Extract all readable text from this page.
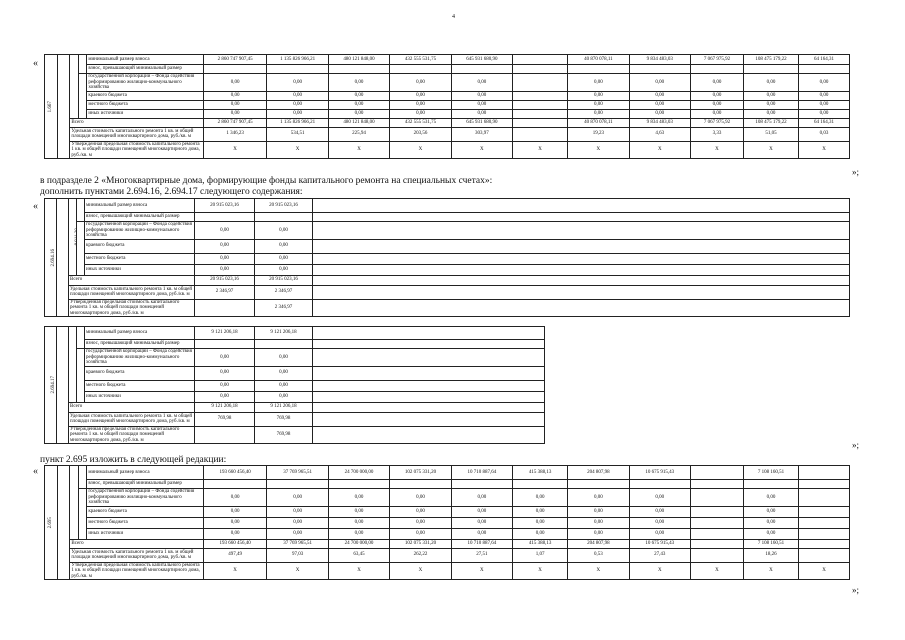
4
«
1.667				минимальный размер взноса	2 860 747 907,45	1 135 826 966,21	480 121 848,00	432 555 531,75	645 931 680,90		40 870 078,11	9 834 483,03	7 067 975,92	108 475 179,22	64 164,31
				взнос, превышающий минимальный размер											
	государственной корпорации – Фонда содействия реформированию жилищно-коммунального хозяйства	0,00	0,00	0,00	0,00	0,00		0,00	0,00	0,00	0,00	0,00
				краевого бюджета	0,00	0,00	0,00	0,00	0,00		0,00	0,00	0,00	0,00	0,00
				местного бюджета	0,00	0,00	0,00	0,00	0,00		0,00	0,00	0,00	0,00	0,00
				иных источники	0,00	0,00	0,00	0,00	0,00		0,00	0,00	0,00	0,00	0,00
		Всего			2 860 747 907,45	1 135 826 966,21	480 121 848,00	432 555 531,75	645 931 680,90		40 870 078,11	9 834 483,03	7 067 975,92	108 475 179,22	64 164,31
		Удельная стоимость капитального ремонта 1 кв. м общей площади помещений многоквартирного дома, руб./кв. м			1 346,23	534,51	225,94	203,56	303,97		19,23	4,63	3,33	51,05	0,03
		Утвержденная предельная стоимость капитального ремонта 1 кв. м общей площади помещений многоквартирного дома, руб./кв. м			X	X	X	X	X	X	X	X	X	X	X
»;
в подразделе 2 «Многоквартирные дома, формирующие фонды капитального ремонта на специальных счетах»:
дополнить пунктами 2.694.16, 2.694.17 следующего содержания:
«
2.694.16				минимальный размер взноса	20 915 023,16	20 915 023,16	
				взнос, превышающий минимальный размер			
	государственной корпорации – Фонда содействия реформированию жилищно-коммунального хозяйства	0,00	0,00	
				краевого бюджета	0,00	0,00	
				местного бюджета	0,00	0,00	
				иных источники	0,00	0,00	
		Всего			20 915 023,16	20 915 023,16	
		Удельная стоимость капитального ремонта 1 кв. м общей площади помещений многоквартирного дома, руб./кв. м			2 346,97	2 346,97	
		Утвержденная предельная стоимость капитального ремонта 1 кв. м общей площади помещений многоквартирного дома, руб./кв. м				2 346,97	
2.694.17				минимальный размер взноса	9 121 206,18	9 121 206,18	
				взнос, превышающий минимальный размер			
	государственной корпорации – Фонда содействия реформированию жилищно-коммунального хозяйства	0,00	0,00	
				краевого бюджета	0,00	0,00	
				местного бюджета	0,00	0,00	
				иных источники	0,00	0,00	
		Всего			9 121 206,18	9 121 206,18	
		Удельная стоимость капитального ремонта 1 кв. м общей площади помещений многоквартирного дома, руб./кв. м			769,98	769,98	
		Утвержденная предельная стоимость капитального ремонта 1 кв. м общей площади помещений многоквартирного дома, руб./кв. м				769,98	
»;
пункт 2.695 изложить в следующей редакции:
«
2.695				минимальный размер взноса	193 660 456,40	37 769 965,51	24 700 000,00	102 075 331,20	10 710 887,64	415 388,13	204 807,98	10 675 915,43		7 108 160,51	
				взнос, превышающий минимальный размер											
	государственной корпорации – Фонда содействия реформированию жилищно-коммунального хозяйства	0,00	0,00	0,00	0,00	0,00	0,00	0,00	0,00		0,00	
				краевого бюджета	0,00	0,00	0,00	0,00	0,00	0,00	0,00	0,00		0,00	
				местного бюджета	0,00	0,00	0,00	0,00	0,00	0,00	0,00	0,00		0,00	
				иных источники	0,00	0,00	0,00	0,00	0,00	0,00	0,00	0,00		0,00	
		Всего			193 660 456,40	37 769 965,51	24 700 000,00	102 075 331,20	10 710 887,64	415 388,13	204 807,98	10 675 915,43		7 108 160,51	
		Удельная стоимость капитального ремонта 1 кв. м общей площади помещений многоквартирного дома, руб./кв. м			497,49	97,03	63,45	262,22	27,51	1,07	0,53	27,43		18,26	
		Утвержденная предельная стоимость капитального ремонта 1 кв. м общей площади помещений многоквартирного дома, руб./кв. м			X	X	X	X	X	X	X	X	X	X	X
»;
